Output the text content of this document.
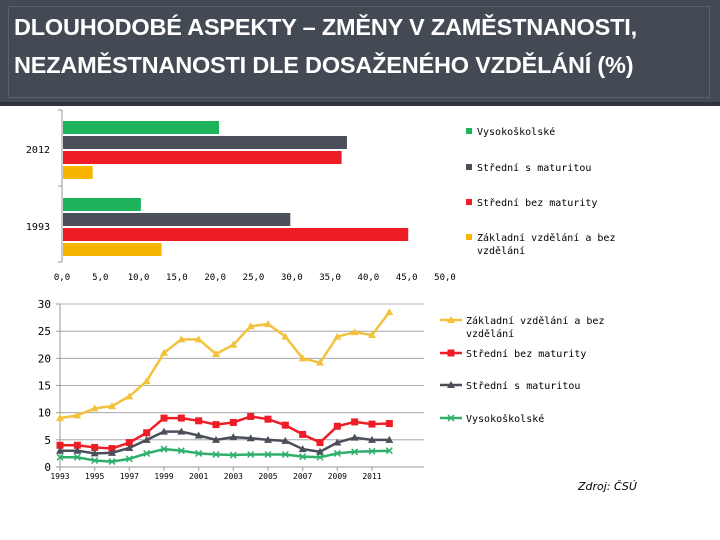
DLOUHODOBÉ ASPEKTY – ZMĚNY V ZAMĚSTNANOSTI, NEZAMĚSTNANOSTI DLE DOSAŽENÉHO VZDĚLÁNÍ (%)
2012
1993
0,0 5,0 10,0 15,0 20,0 25,0 30,0 35,0 40,0 45,0 50,0
Vysokoškolské
Střední s maturitou
Střední bez maturity
Základní vzdělání a bez
vzdělání
0
5
10
15
20
25
30
1993 1995 1997 1999 2001 2003 2005 2007 2009 2011
Základní vzdělání a bez
vzdělání
Střední bez maturity
Střední s maturitou
Vysokoškolské
Zdroj: ČSÚ
